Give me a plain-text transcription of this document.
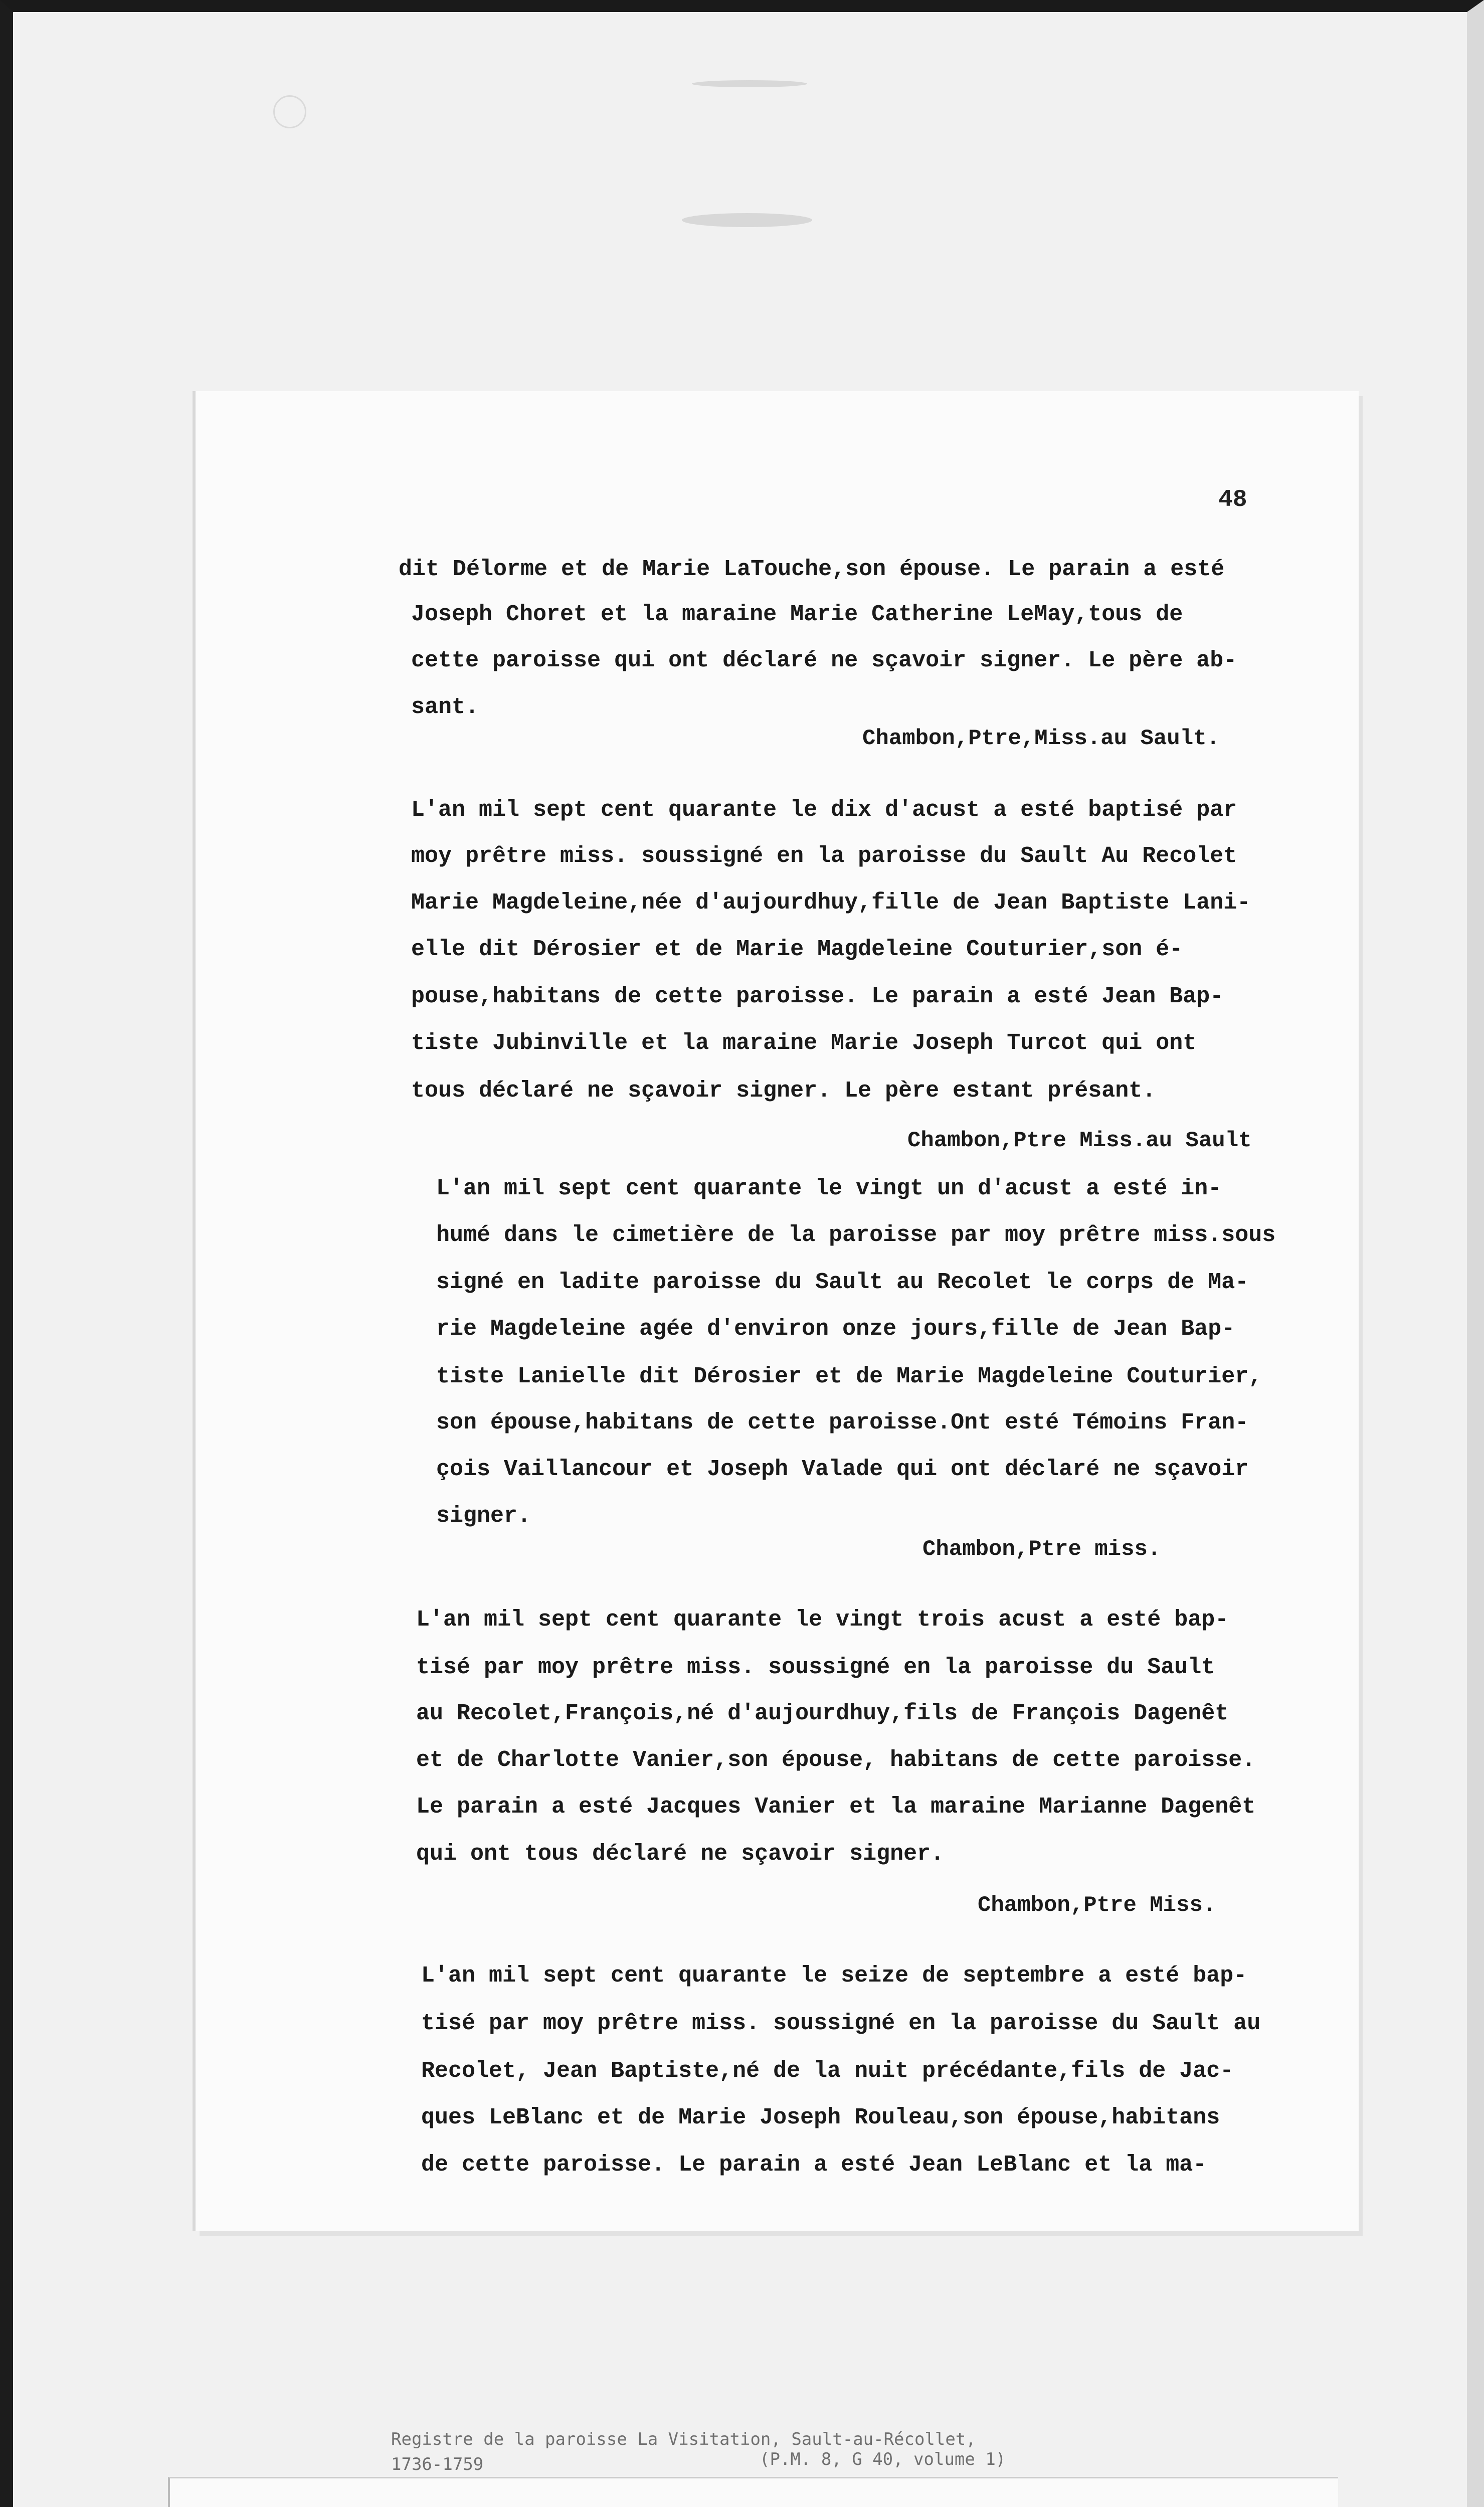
48
dit Délorme et de Marie LaTouche,son épouse. Le parain a esté
Joseph Choret et la maraine Marie Catherine LeMay,tous de
cette paroisse qui ont déclaré ne sçavoir signer. Le père ab-
sant.
Chambon,Ptre,Miss.au Sault.
L'an mil sept cent quarante le dix d'acust a esté baptisé par
moy prêtre miss. soussigné en la paroisse du Sault Au Recolet
Marie Magdeleine,née d'aujourdhuy,fille de Jean Baptiste Lani-
elle dit Dérosier et de Marie Magdeleine Couturier,son é-
pouse,habitans de cette paroisse. Le parain a esté Jean Bap-
tiste Jubinville et la maraine Marie Joseph Turcot qui ont
tous déclaré ne sçavoir signer. Le père estant présant.
Chambon,Ptre Miss.au Sault
L'an mil sept cent quarante le vingt un d'acust a esté in-
humé dans le cimetière de la paroisse par moy prêtre miss.sous
signé en ladite paroisse du Sault au Recolet le corps de Ma-
rie Magdeleine agée d'environ onze jours,fille de Jean Bap-
tiste Lanielle dit Dérosier et de Marie Magdeleine Couturier,
son épouse,habitans de cette paroisse.Ont esté Témoins Fran-
çois Vaillancour et Joseph Valade qui ont déclaré ne sçavoir
signer.
Chambon,Ptre miss.
L'an mil sept cent quarante le vingt trois acust a esté bap-
tisé par moy prêtre miss. soussigné en la paroisse du Sault
au Recolet,François,né d'aujourdhuy,fils de François Dagenêt
et de Charlotte Vanier,son épouse, habitans de cette paroisse.
Le parain a esté Jacques Vanier et la maraine Marianne Dagenêt
qui ont tous déclaré ne sçavoir signer.
Chambon,Ptre Miss.
L'an mil sept cent quarante le seize de septembre a esté bap-
tisé par moy prêtre miss. soussigné en la paroisse du Sault au
Recolet, Jean Baptiste,né de la nuit précédante,fils de Jac-
ques LeBlanc et de Marie Joseph Rouleau,son épouse,habitans
de cette paroisse. Le parain a esté Jean LeBlanc et la ma-
Registre de la paroisse La Visitation, Sault-au-Récollet,
1736-1759	(P.M. 8, G 40, volume 1)
